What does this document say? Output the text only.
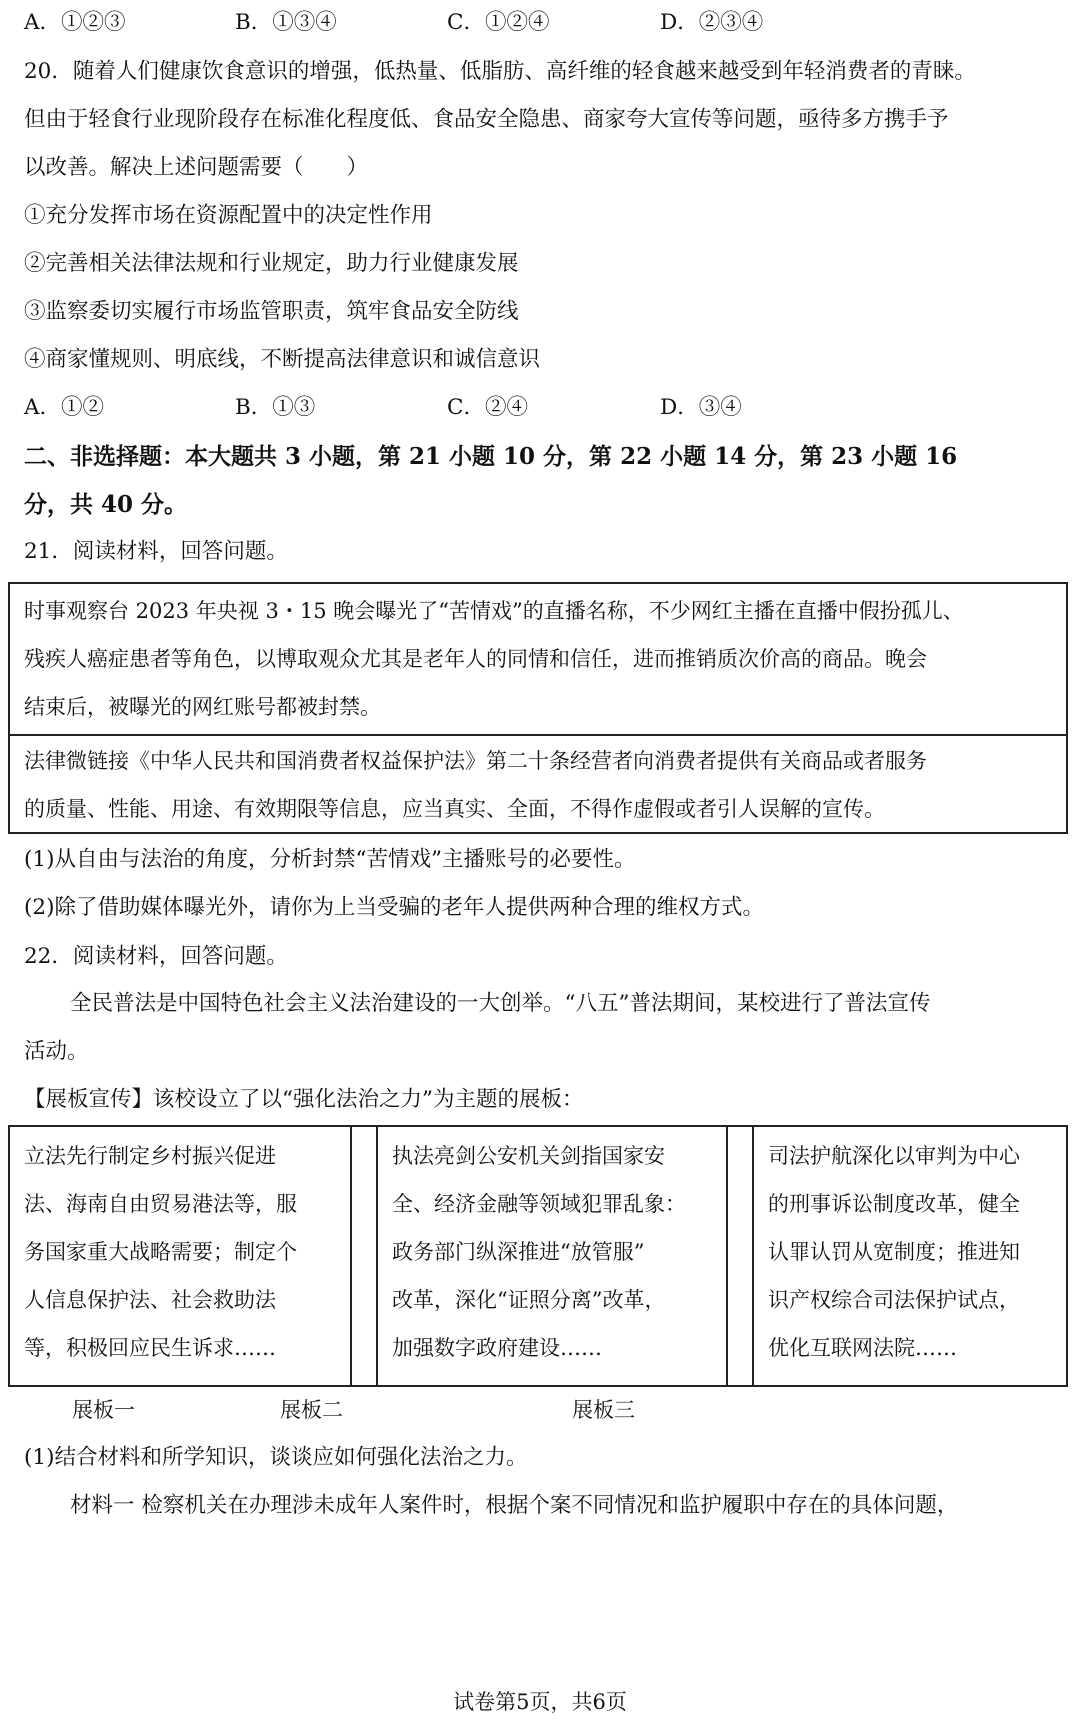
A．①②③	B．①③④	C．①②④	D．②③④
20．随着人们健康饮食意识的增强，低热量、低脂肪、高纤维的轻食越来越受到年轻消费者的青睐。
但由于轻食行业现阶段存在标准化程度低、食品安全隐患、商家夸大宣传等问题，亟待多方携手予
以改善。解决上述问题需要（　　）
①充分发挥市场在资源配置中的决定性作用
②完善相关法律法规和行业规定，助力行业健康发展
③监察委切实履行市场监管职责，筑牢食品安全防线
④商家懂规则、明底线，不断提高法律意识和诚信意识
A．①②	B．①③	C．②④	D．③④
二、非选择题：本大题共 3 小题，第 21 小题 10 分，第 22 小题 14 分，第 23 小题 16
分，共 40 分。
21．阅读材料，回答问题。
时事观察台 2023 年央视 3・15 晚会曝光了“苦情戏”的直播名称，不少网红主播在直播中假扮孤儿、
残疾人癌症患者等角色，以博取观众尤其是老年人的同情和信任，进而推销质次价高的商品。晚会
结束后，被曝光的网红账号都被封禁。
法律微链接《中华人民共和国消费者权益保护法》第二十条经营者向消费者提供有关商品或者服务
的质量、性能、用途、有效期限等信息，应当真实、全面，不得作虚假或者引人误解的宣传。
(1)从自由与法治的角度，分析封禁“苦情戏”主播账号的必要性。
(2)除了借助媒体曝光外，请你为上当受骗的老年人提供两种合理的维权方式。
22．阅读材料，回答问题。
全民普法是中国特色社会主义法治建设的一大创举。“八五”普法期间，某校进行了普法宣传
活动。
【展板宣传】该校设立了以“强化法治之力”为主题的展板：
立法先行制定乡村振兴促进
法、海南自由贸易港法等，服
务国家重大战略需要；制定个
人信息保护法、社会救助法
等，积极回应民生诉求……
执法亮剑公安机关剑指国家安
全、经济金融等领域犯罪乱象：
政务部门纵深推进“放管服”
改革，深化“证照分离”改革，
加强数字政府建设……
司法护航深化以审判为中心
的刑事诉讼制度改革，健全
认罪认罚从宽制度；推进知
识产权综合司法保护试点，
优化互联网法院……
展板一	展板二	展板三
(1)结合材料和所学知识，谈谈应如何强化法治之力。
材料一 检察机关在办理涉未成年人案件时，根据个案不同情况和监护履职中存在的具体问题，
试卷第5页，共6页
